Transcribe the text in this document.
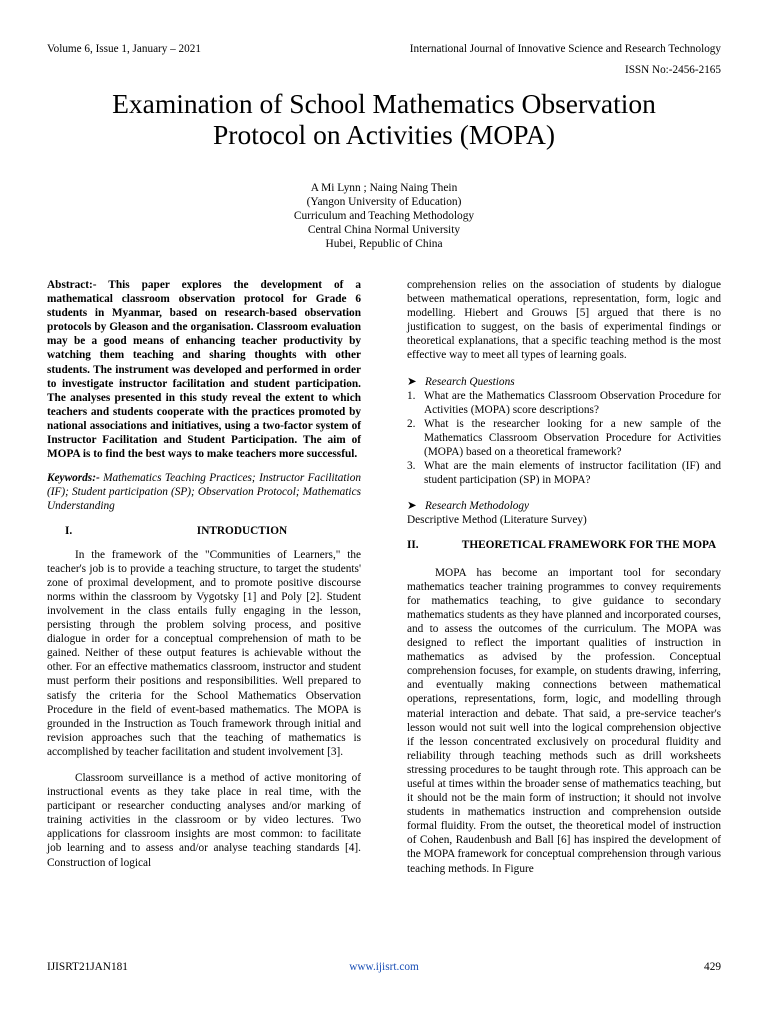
Volume 6, Issue 1, January – 2021	International Journal of Innovative Science and Research Technology
ISSN No:-2456-2165
Examination of School Mathematics Observation
Protocol on Activities (MOPA)
A Mi Lynn ; Naing Naing Thein
(Yangon University of Education)
Curriculum and Teaching Methodology
Central China Normal University
Hubei, Republic of China

Abstract:- This paper explores the development of a mathematical classroom observation protocol for Grade 6 students in Myanmar, based on research-based observation protocols by Gleason and the organisation. Classroom evaluation may be a good means of enhancing teacher productivity by watching them teaching and sharing thoughts with other students. The instrument was developed and performed in order to investigate instructor facilitation and student participation. The analyses presented in this study reveal the extent to which teachers and students cooperate with the practices promoted by national associations and initiatives, using a two-factor system of Instructor Facilitation and Student Participation. The aim of MOPA is to find the best ways to make teachers more successful.

Keywords:- Mathematics Teaching Practices; Instructor Facilitation (IF); Student participation (SP); Observation Protocol; Mathematics Understanding

I.	INTRODUCTION

In the framework of the "Communities of Learners," the teacher's job is to provide a teaching structure, to target the students' zone of proximal development, and to promote positive discourse norms within the classroom by Vygotsky [1] and Poly [2]. Student involvement in the class entails fully engaging in the lesson, persisting through the problem solving process, and positive dialogue in order for a conceptual comprehension of math to be gained. Neither of these output features is achievable without the other. For an effective mathematics classroom, instructor and student must perform their positions and responsibilities. Well prepared to satisfy the criteria for the School Mathematics Observation Procedure in the field of event-based mathematics. The MOPA is grounded in the Instruction as Touch framework through initial and revision approaches such that the teaching of mathematics is accomplished by teacher facilitation and student involvement [3].

Classroom surveillance is a method of active monitoring of instructional events as they take place in real time, with the participant or researcher conducting analyses and/or marking of training activities in the classroom or by video lectures. Two applications for classroom insights are most common: to facilitate job learning and to assess and/or analyse teaching standards [4]. Construction of logical

comprehension relies on the association of students by dialogue between mathematical operations, representation, form, logic and modelling. Hiebert and Grouws [5] argued that there is no justification to suggest, on the basis of experimental findings or theoretical explanations, that a specific teaching method is the most effective way to meet all types of learning goals.

➤ Research Questions
1. What are the Mathematics Classroom Observation Procedure for Activities (MOPA) score descriptions?
2. What is the researcher looking for a new sample of the Mathematics Classroom Observation Procedure for Activities (MOPA) based on a theoretical framework?
3. What are the main elements of instructor facilitation (IF) and student participation (SP) in MOPA?
➤ Research Methodology

Descriptive Method (Literature Survey)

II.	THEORETICAL FRAMEWORK FOR THE MOPA

MOPA has become an important tool for secondary mathematics teacher training programmes to convey requirements for mathematics teaching, to give guidance to secondary mathematics students as they have planned and incorporated courses, and to assess the outcomes of the curriculum. The MOPA was designed to reflect the important qualities of instruction in mathematics as advised by the profession. Conceptual comprehension focuses, for example, on students drawing, inferring, and eventually making connections between mathematical operations, representations, form, logic, and modelling through material interaction and debate. That said, a pre-service teacher's lesson would not suit well into the logical comprehension objective if the lesson concentrated exclusively on procedural fluidity and reliability through teaching methods such as drill worksheets stressing procedures to be taught through rote. This approach can be useful at times within the broader sense of mathematics teaching, but it should not be the main form of instruction; it should not involve students in mathematics instruction and comprehension outside formal fluidity. From the outset, the theoretical model of instruction of Cohen, Raudenbush and Ball [6] has inspired the development of the MOPA framework for conceptual comprehension through various teaching methods. In Figure

IJISRT21JAN181	www.ijisrt.com	429
